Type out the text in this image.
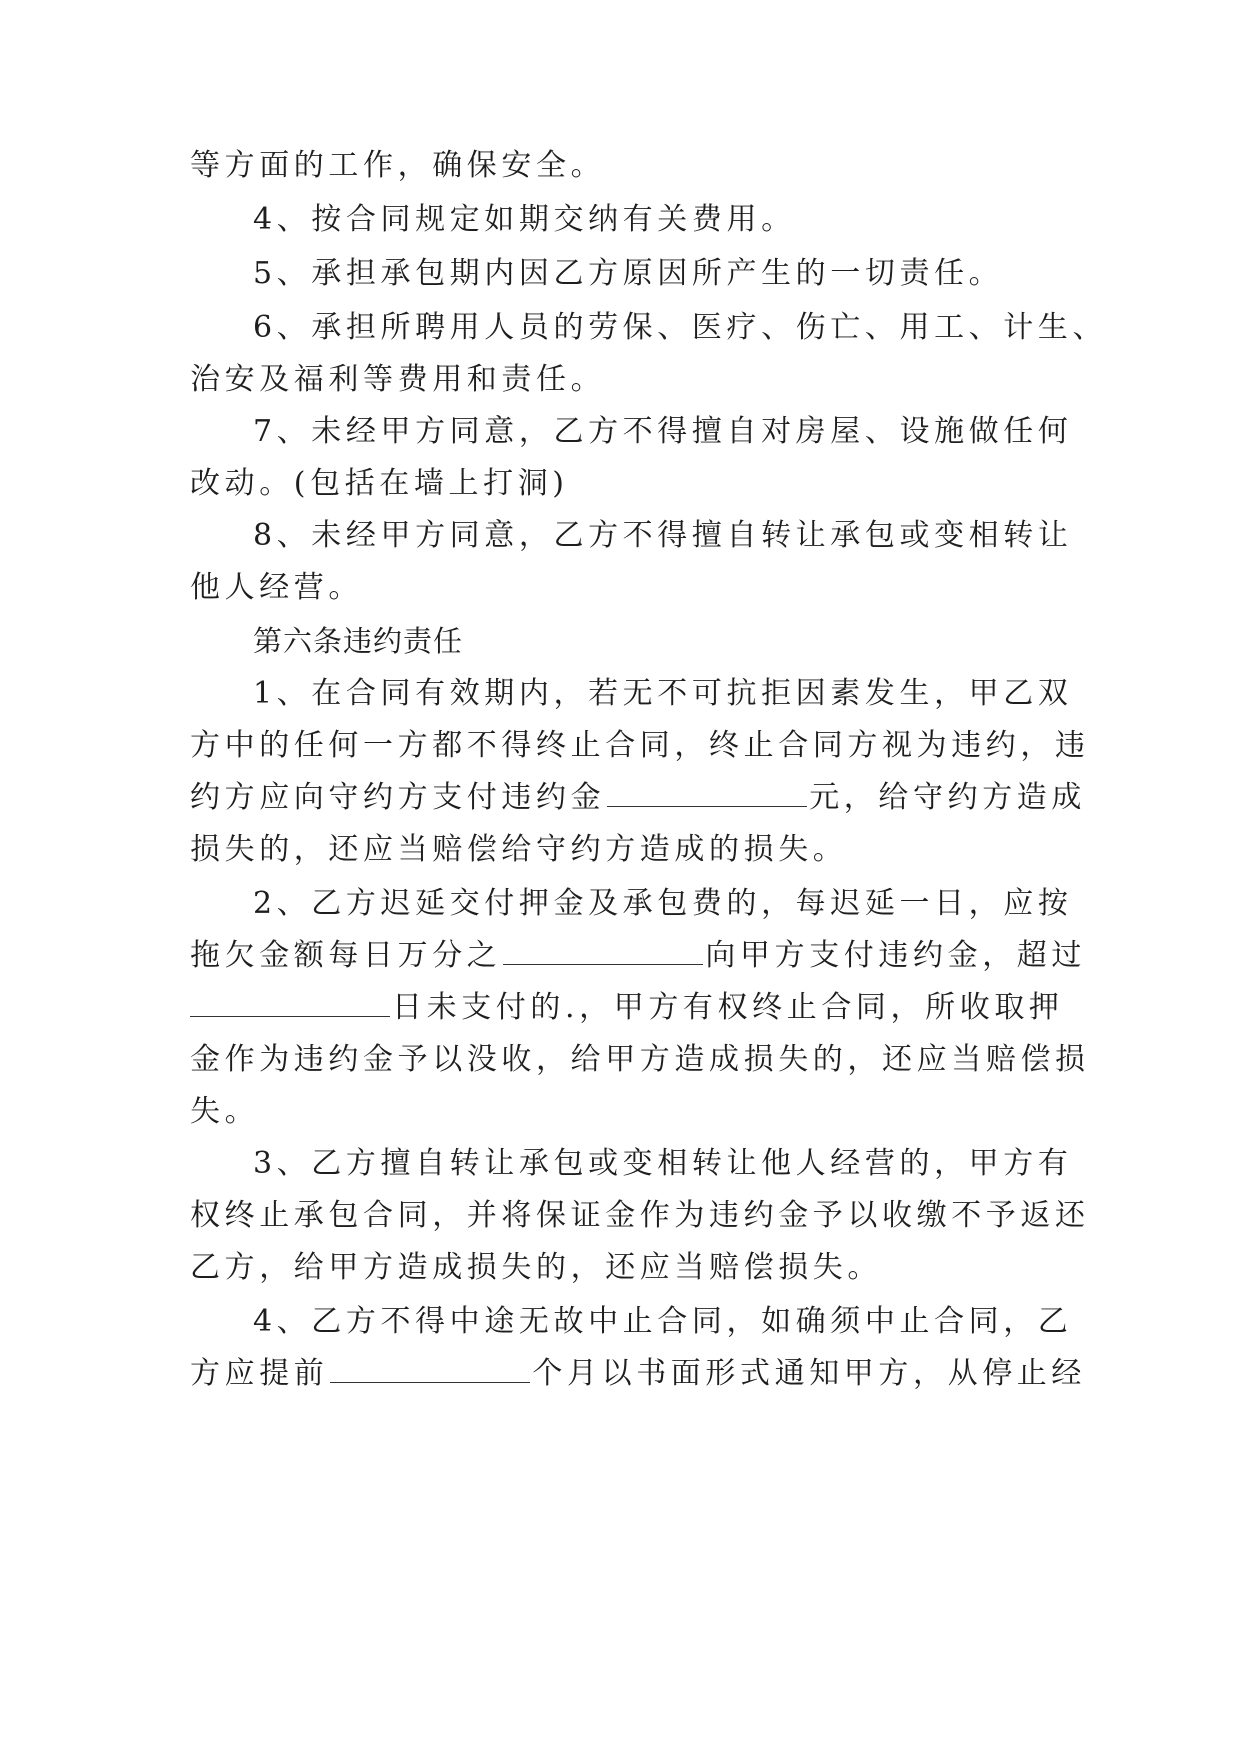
等方面的工作，确保安全。
4、按合同规定如期交纳有关费用。
5、承担承包期内因乙方原因所产生的一切责任。
6、承担所聘用人员的劳保、医疗、伤亡、用工、计生、
治安及福利等费用和责任。
7、未经甲方同意，乙方不得擅自对房屋、设施做任何
改动。(包括在墙上打洞)
8、未经甲方同意，乙方不得擅自转让承包或变相转让
他人经营。
第六条违约责任
1、在合同有效期内，若无不可抗拒因素发生，甲乙双
方中的任何一方都不得终止合同，终止合同方视为违约，违
约方应向守约方支付违约金	元，给守约方造成
损失的，还应当赔偿给守约方造成的损失。
2、乙方迟延交付押金及承包费的，每迟延一日，应按
拖欠金额每日万分之	向甲方支付违约金，超过
日未支付的.，甲方有权终止合同，所收取押
金作为违约金予以没收，给甲方造成损失的，还应当赔偿损
失。
3、乙方擅自转让承包或变相转让他人经营的，甲方有
权终止承包合同，并将保证金作为违约金予以收缴不予返还
乙方，给甲方造成损失的，还应当赔偿损失。
4、乙方不得中途无故中止合同，如确须中止合同，乙
方应提前	个月以书面形式通知甲方，从停止经
